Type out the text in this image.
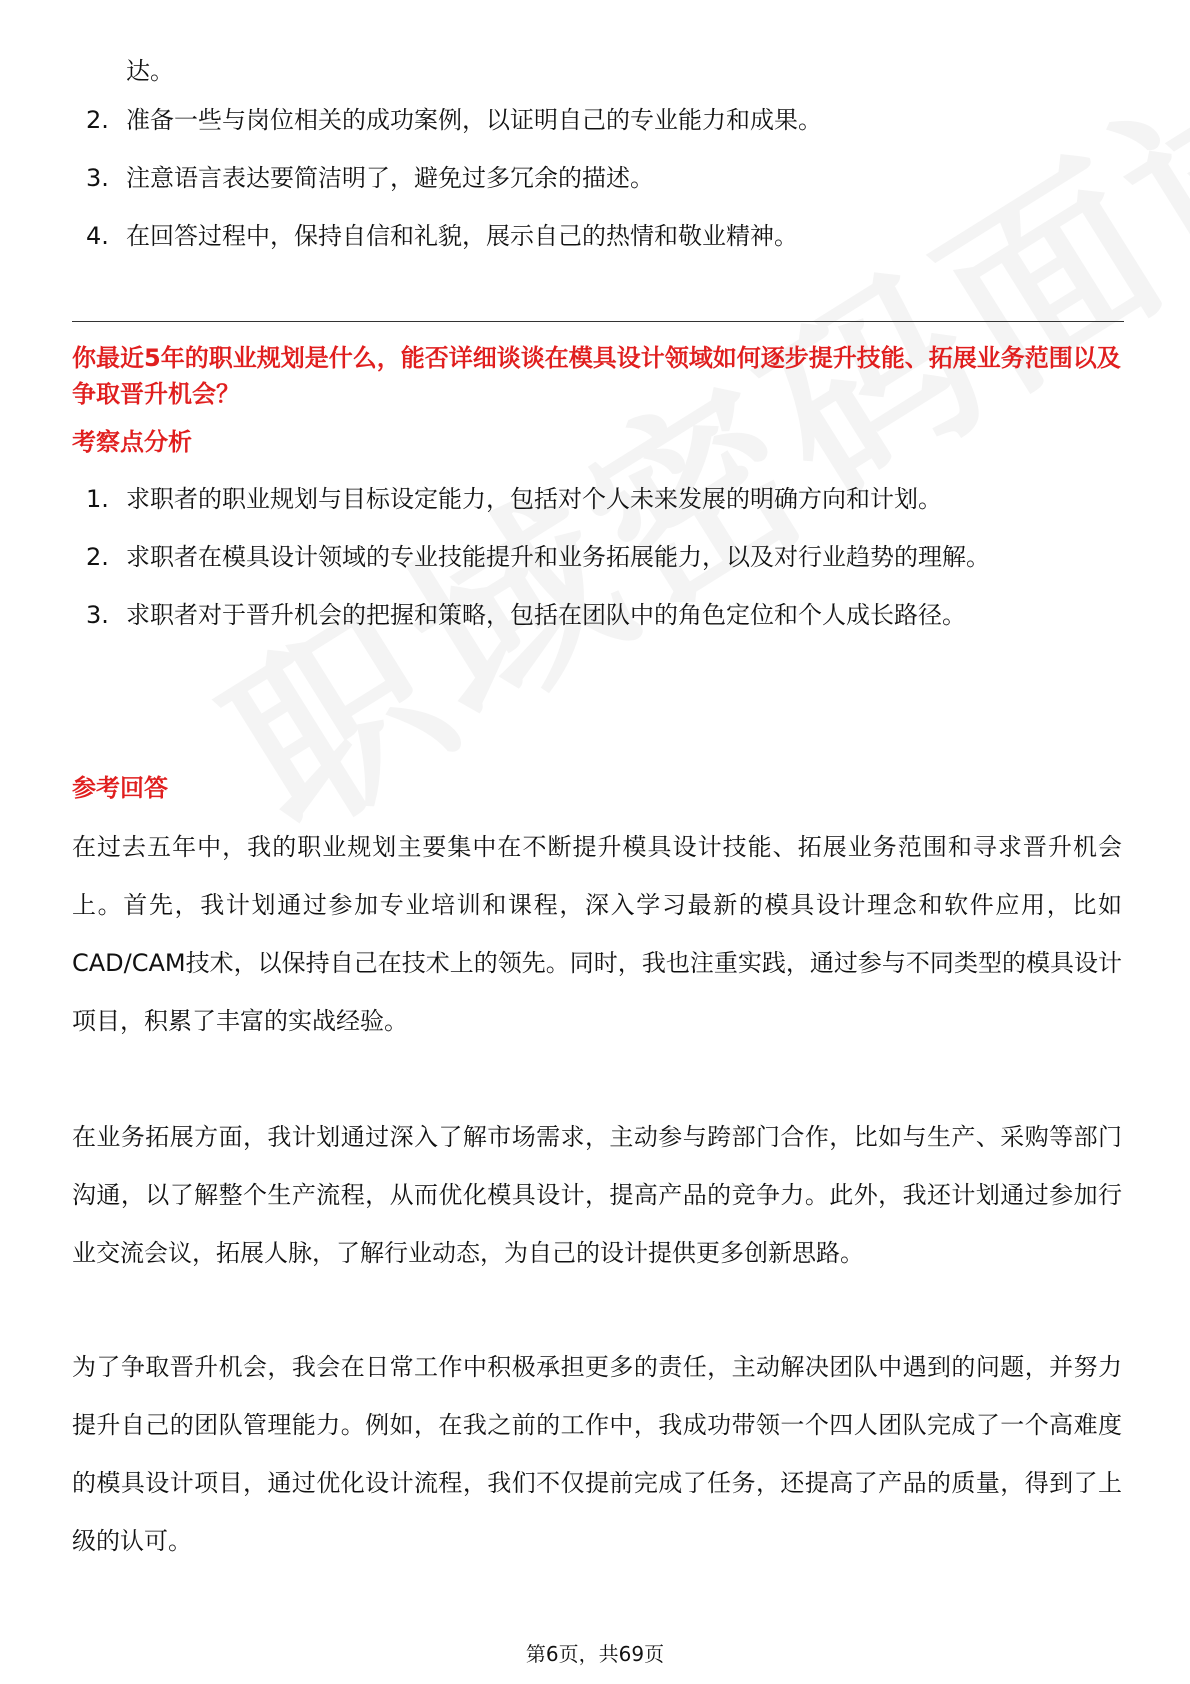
达。
2. 准备一些与岗位相关的成功案例，以证明自己的专业能力和成果。
3. 注意语言表达要简洁明了，避免过多冗余的描述。
4. 在回答过程中，保持自信和礼貌，展示自己的热情和敬业精神。
你最近5年的职业规划是什么，能否详细谈谈在模具设计领域如何逐步提升技能、拓展业务范围以及争取晋升机会？
考察点分析
1. 求职者的职业规划与目标设定能力，包括对个人未来发展的明确方向和计划。
2. 求职者在模具设计领域的专业技能提升和业务拓展能力，以及对行业趋势的理解。
3. 求职者对于晋升机会的把握和策略，包括在团队中的角色定位和个人成长路径。
参考回答
在过去五年中，我的职业规划主要集中在不断提升模具设计技能、拓展业务范围和寻求晋升机会上。首先，我计划通过参加专业培训和课程，深入学习最新的模具设计理念和软件应用，比如CAD/CAM技术，以保持自己在技术上的领先。同时，我也注重实践，通过参与不同类型的模具设计项目，积累了丰富的实战经验。
在业务拓展方面，我计划通过深入了解市场需求，主动参与跨部门合作，比如与生产、采购等部门沟通，以了解整个生产流程，从而优化模具设计，提高产品的竞争力。此外，我还计划通过参加行业交流会议，拓展人脉，了解行业动态，为自己的设计提供更多创新思路。
为了争取晋升机会，我会在日常工作中积极承担更多的责任，主动解决团队中遇到的问题，并努力提升自己的团队管理能力。例如，在我之前的工作中，我成功带领一个四人团队完成了一个高难度的模具设计项目，通过优化设计流程，我们不仅提前完成了任务，还提高了产品的质量，得到了上级的认可。
第6页，共69页
